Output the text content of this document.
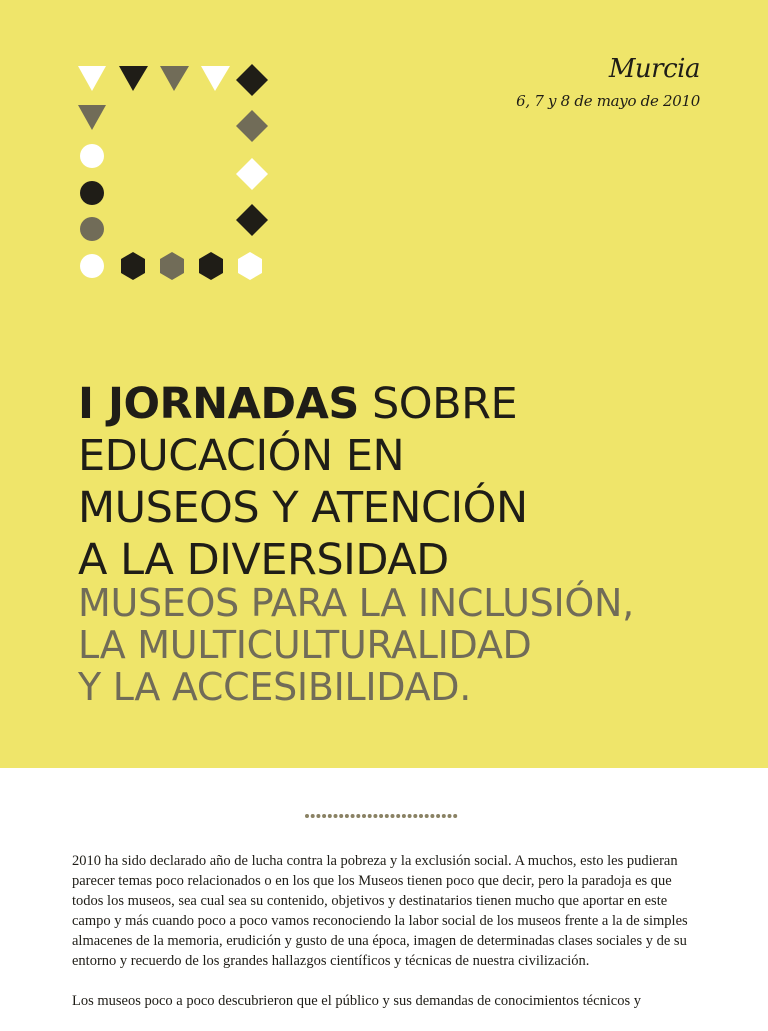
Murcia
6, 7 y 8 de mayo de 2010
I JORNADAS SOBRE
EDUCACIÓN EN
MUSEOS Y ATENCIÓN
A LA DIVERSIDAD
MUSEOS PARA LA INCLUSIÓN,
LA MULTICULTURALIDAD
Y LA ACCESIBILIDAD.

2010 ha sido declarado año de lucha contra la pobreza y la exclusión social. A muchos, esto les pudieran parecer temas poco relacionados o en los que los Museos tienen poco que decir, pero la paradoja es que todos los museos, sea cual sea su contenido, objetivos y destinatarios tienen mucho que aportar en este campo y más cuando poco a poco vamos reconociendo la labor social de los museos frente a la de simples almacenes de la memoria, erudición y gusto de una época, imagen de determinadas clases sociales y de su entorno y recuerdo de los grandes hallazgos científicos y técnicas de nuestra civilización.

Los museos poco a poco descubrieron que el público y sus demandas de conocimientos técnicos y
